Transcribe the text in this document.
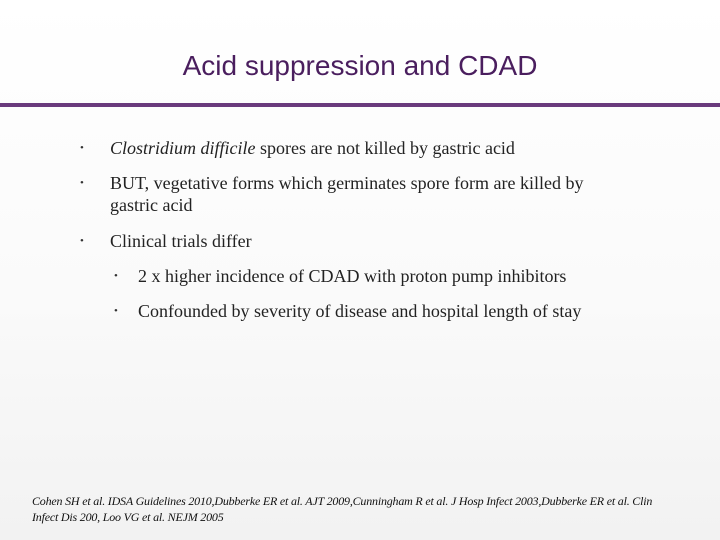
Acid suppression and CDAD
•	Clostridium difficile spores are not killed by gastric acid
•	BUT, vegetative forms which germinates spore form are killed by
gastric acid
•	Clinical trials differ
•	2 x higher incidence of CDAD with proton pump inhibitors
•	Confounded by severity of disease and hospital length of stay
Cohen SH et al. IDSA Guidelines 2010,Dubberke ER et al. AJT 2009,Cunningham R et al. J Hosp Infect 2003,Dubberke ER et al. Clin
Infect Dis 200, Loo VG et al. NEJM 2005
